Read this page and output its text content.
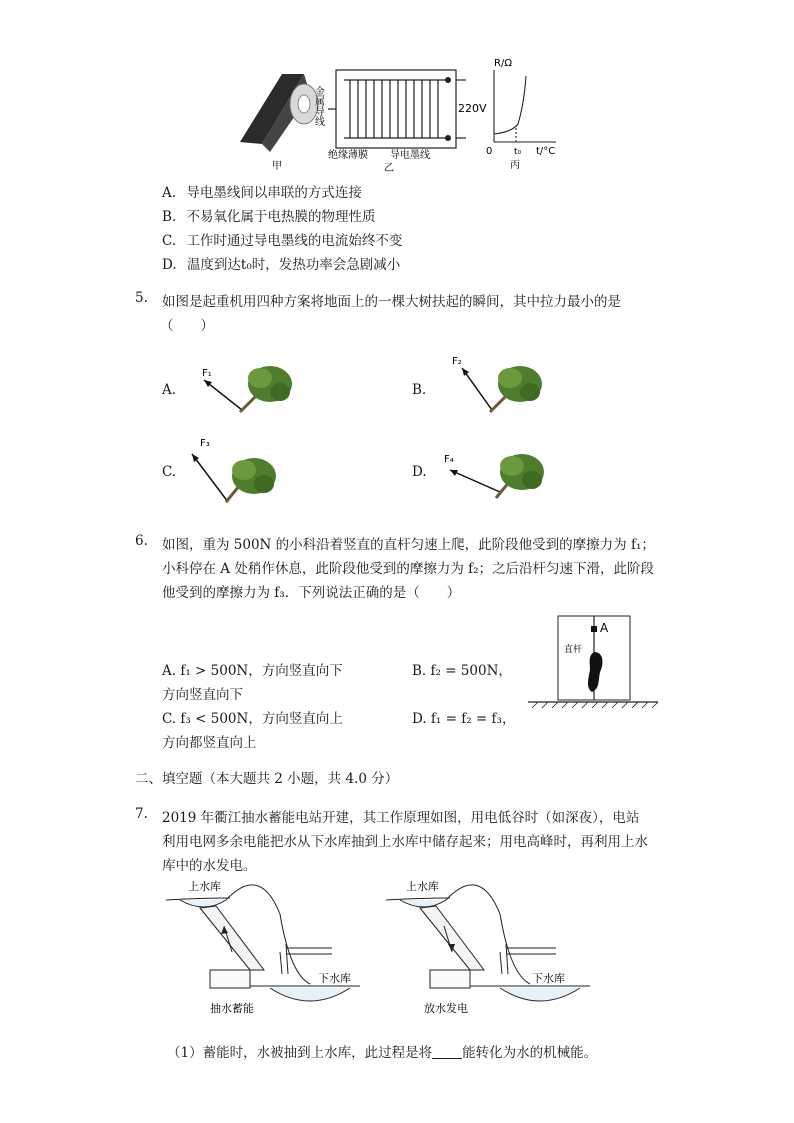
甲
金属导线	220V
绝缘薄膜 导电墨线
乙
R/Ω
t/°C
0 t₀
丙
A. 导电墨线间以串联的方式连接
B. 不易氧化属于电热膜的物理性质
C. 工作时通过导电墨线的电流始终不变
D. 温度到达t₀时，发热功率会急剧减小
5. 如图是起重机用四种方案将地面上的一棵大树扶起的瞬间，其中拉力最小的是
（　　）
A.
F₁
B.
F₂
C.
F₃
D.
F₄
6. 如图，重为 500N 的小科沿着竖直的直杆匀速上爬，此阶段他受到的摩擦力为 f₁；
小科停在 A 处稍作休息，此阶段他受到的摩擦力为 f₂；之后沿杆匀速下滑，此阶段
他受到的摩擦力为 f₃．下列说法正确的是（　　）
A. f₁ > 500N，方向竖直向下	B. f₂ = 500N，
方向竖直向下
C. f₃ < 500N，方向竖直向上	D. f₁ = f₂ = f₃，
方向都竖直向上
A
直杆
二、填空题（本大题共 2 小题，共 4.0 分）
7. 2019 年衢江抽水蓄能电站开建，其工作原理如图，用电低谷时（如深夜），电站
利用电网多余电能把水从下水库抽到上水库中储存起来；用电高峰时，再利用上水
库中的水发电。
上水库
下水库
抽水蓄能
上水库
下水库
放水发电
（1）蓄能时，水被抽到上水库，此过程是将 能转化为水的机械能。
